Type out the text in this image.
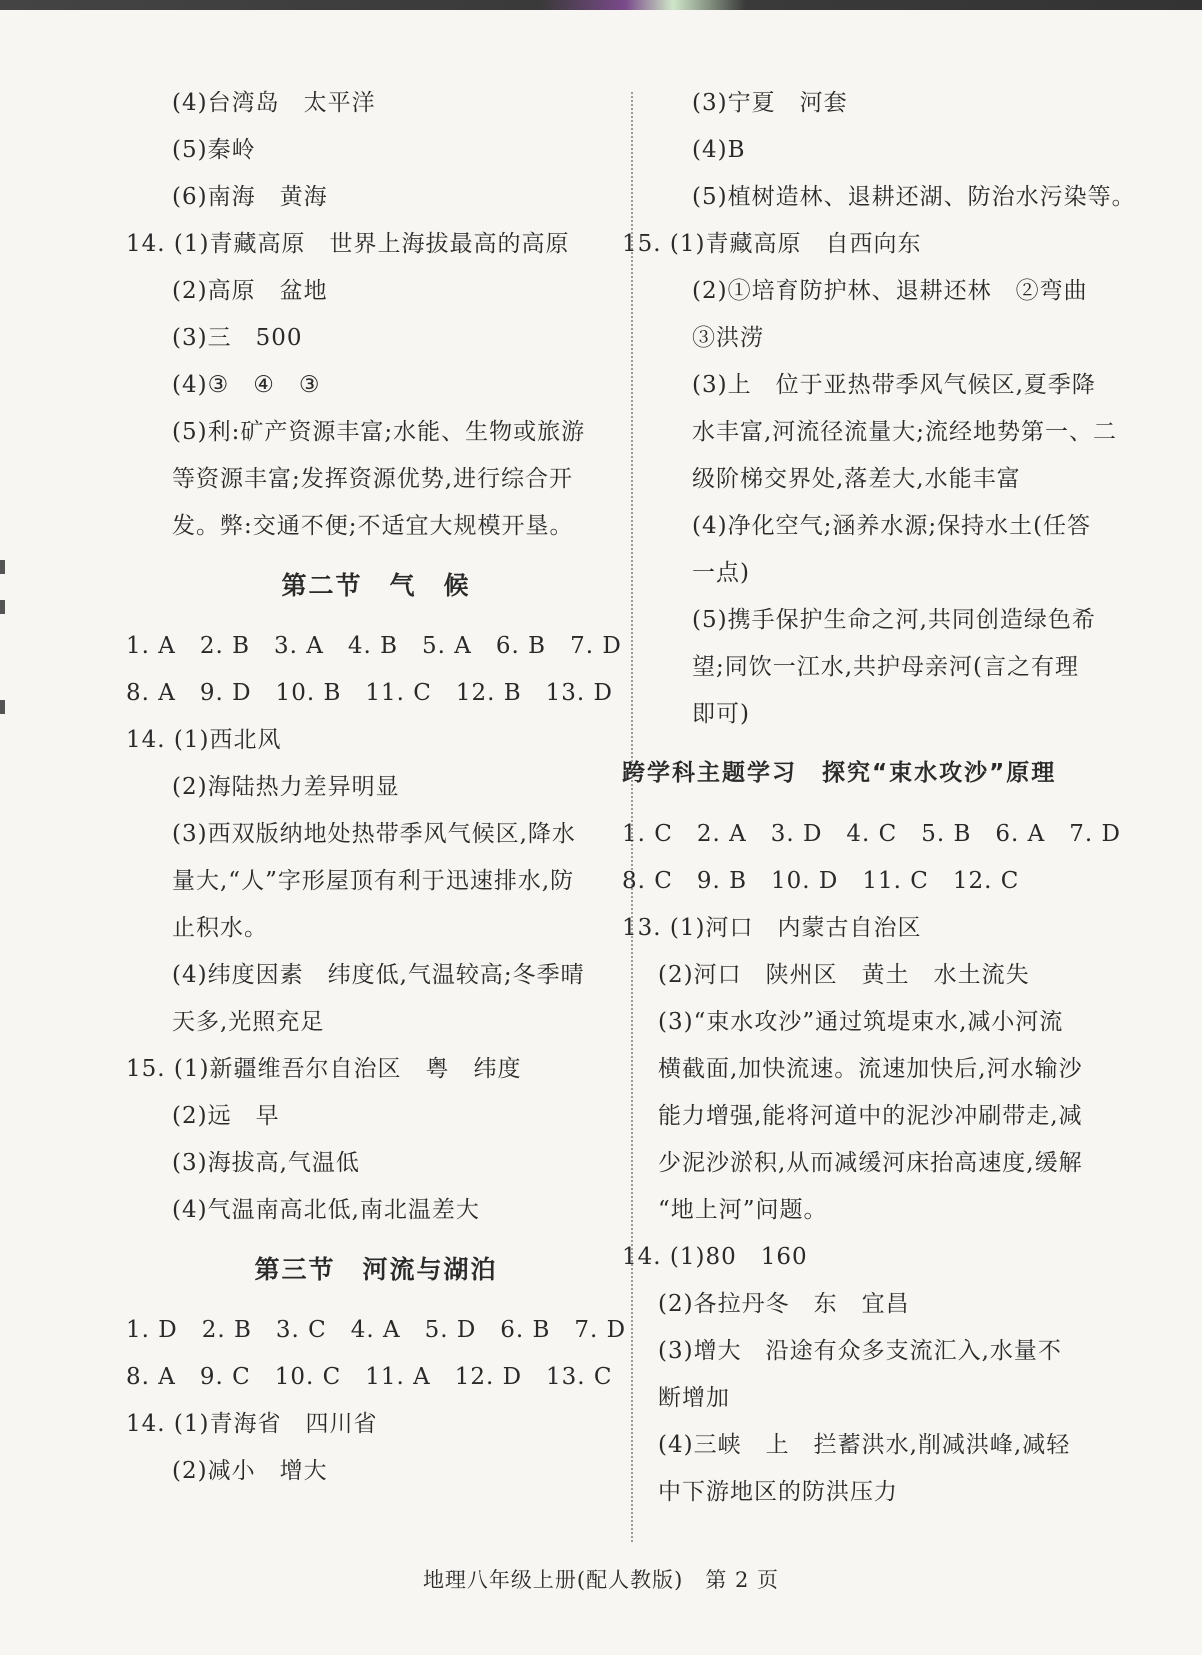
(4)台湾岛　太平洋
(5)秦岭
(6)南海　黄海
14. (1)青藏高原　世界上海拔最高的高原
(2)高原　盆地
(3)三　500
(4)③　④　③
(5)利:矿产资源丰富;水能、生物或旅游
等资源丰富;发挥资源优势,进行综合开
发。弊:交通不便;不适宜大规模开垦。
第二节　气　候
1. A　2. B　3. A　4. B　5. A　6. B　7. D
8. A　9. D　10. B　11. C　12. B　13. D
14. (1)西北风
(2)海陆热力差异明显
(3)西双版纳地处热带季风气候区,降水
量大,“人”字形屋顶有利于迅速排水,防
止积水。
(4)纬度因素　纬度低,气温较高;冬季晴
天多,光照充足
15. (1)新疆维吾尔自治区　粤　纬度
(2)远　早
(3)海拔高,气温低
(4)气温南高北低,南北温差大
第三节　河流与湖泊
1. D　2. B　3. C　4. A　5. D　6. B　7. D
8. A　9. C　10. C　11. A　12. D　13. C
14. (1)青海省　四川省
(2)减小　增大
(3)宁夏　河套
(4)B
(5)植树造林、退耕还湖、防治水污染等。
15. (1)青藏高原　自西向东
(2)①培育防护林、退耕还林　②弯曲
③洪涝
(3)上　位于亚热带季风气候区,夏季降
水丰富,河流径流量大;流经地势第一、二
级阶梯交界处,落差大,水能丰富
(4)净化空气;涵养水源;保持水土(任答
一点)
(5)携手保护生命之河,共同创造绿色希
望;同饮一江水,共护母亲河(言之有理
即可)
跨学科主题学习　探究“束水攻沙”原理
1. C　2. A　3. D　4. C　5. B　6. A　7. D
8. C　9. B　10. D　11. C　12. C
13. (1)河口　内蒙古自治区
(2)河口　陕州区　黄土　水土流失
(3)“束水攻沙”通过筑堤束水,减小河流
横截面,加快流速。流速加快后,河水输沙
能力增强,能将河道中的泥沙冲刷带走,减
少泥沙淤积,从而减缓河床抬高速度,缓解
“地上河”问题。
14. (1)80　160
(2)各拉丹冬　东　宜昌
(3)增大　沿途有众多支流汇入,水量不
断增加
(4)三峡　上　拦蓄洪水,削减洪峰,减轻
中下游地区的防洪压力
地理八年级上册(配人教版)　第 2 页
